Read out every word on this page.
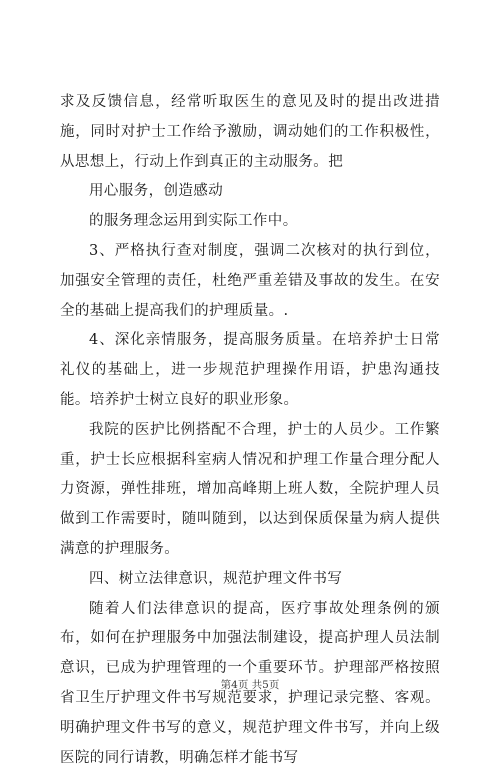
求及反馈信息，经常听取医生的意见及时的提出改进措施，同时对护士工作给予激励，调动她们的工作积极性，从思想上，行动上作到真正的主动服务。把

用心服务，创造感动

的服务理念运用到实际工作中。

3、严格执行查对制度，强调二次核对的执行到位，加强安全管理的责任，杜绝严重差错及事故的发生。在安全的基础上提高我们的护理质量。.

4、深化亲情服务，提高服务质量。在培养护士日常礼仪的基础上，进一步规范护理操作用语，护患沟通技能。培养护士树立良好的职业形象。

我院的医护比例搭配不合理，护士的人员少。工作繁重，护士长应根据科室病人情况和护理工作量合理分配人力资源，弹性排班，增加高峰期上班人数，全院护理人员做到工作需要时，随叫随到，以达到保质保量为病人提供满意的护理服务。

四、树立法律意识，规范护理文件书写

随着人们法律意识的提高，医疗事故处理条例的颁布，如何在护理服务中加强法制建设，提高护理人员法制意识，已成为护理管理的一个重要环节。护理部严格按照省卫生厅护理文件书写规范要求，护理记录完整、客观。明确护理文件书写的意义，规范护理文件书写，并向上级医院的同行请教，明确怎样才能书写

第4页 共5页
